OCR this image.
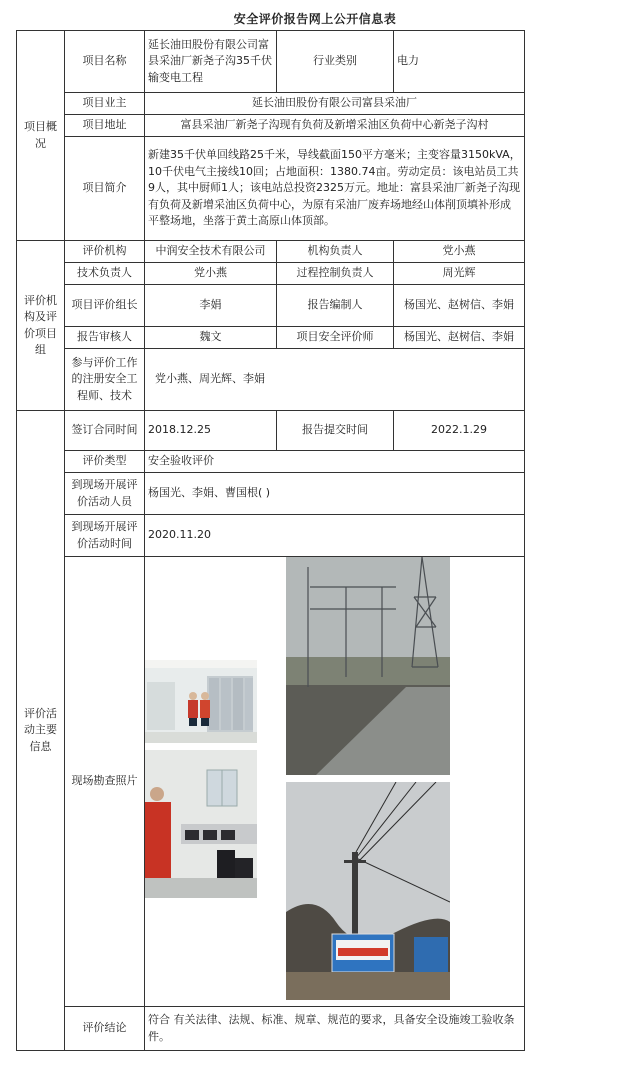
安全评价报告网上公开信息表
项目概况	项目名称	延长油田股份有限公司富县采油厂新尧子沟35千伏输变电工程	行业类别	电力
	项目业主	延长油田股份有限公司富县采油厂		
	项目地址	富县采油厂新尧子沟现有负荷及新增采油区负荷中心新尧子沟村		
	项目简介	新建35千伏单回线路25千米，导线截面150平方毫米；主变容量3150kVA，10千伏电气主接线10回；占地面积：1380.74亩。劳动定员：该电站员工共9人，其中厨师1人；该电站总投资2325万元。地址：富县采油厂新尧子沟现有负荷及新增采油区负荷中心，为原有采油厂废弃场地经山体削顶填补形成平整场地，坐落于黄土高原山体顶部。		
评价机构及评价项目组	评价机构	中润安全技术有限公司	机构负责人	党小燕
	技术负责人	党小燕	过程控制负责人	周光辉
	项目评价组长	李娟	报告编制人	杨国光、赵树信、李娟
	报告审核人	魏文	项目安全评价师	杨国光、赵树信、李娟
	参与评价工作的注册安全工程师、技术	党小燕、周光辉、李娟		
评价活动主要信息	签订合同时间	2018.12.25	报告提交时间	2022.1.29
	评价类型	安全验收评价		
	到现场开展评价活动人员	杨国光、李娟、曹国根( )		
	到现场开展评价活动时间	2020.11.20		
	现场勘查照片	

	评价结论	符合 有关法律、法规、标准、规章、规范的要求，具备安全设施竣工验收条件。		
